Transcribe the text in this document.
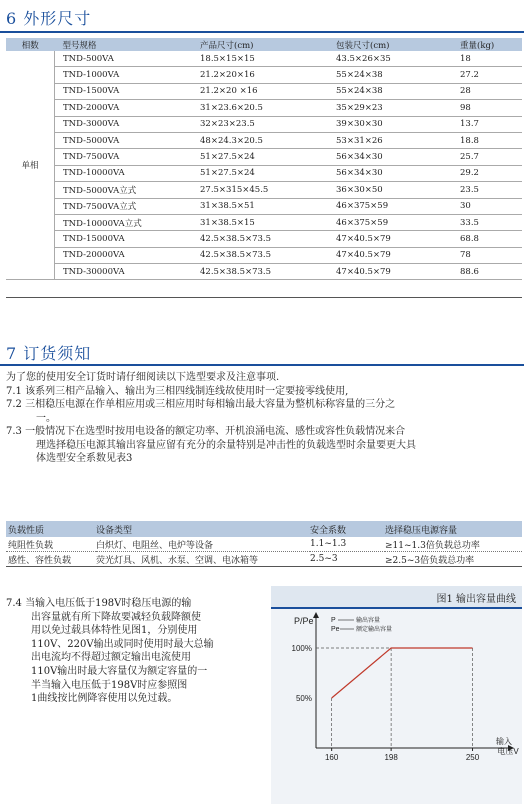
6 外形尺寸
相数	型号规格	产品尺寸(cm)	包装尺寸(cm)	重量(kg)
单相	TND-500VA	18.5×15×15	43.5×26×35	18
	TND-1000VA	21.2×20×16	55×24×38	27.2
	TND-1500VA	21.2×20 ×16	55×24×38	28
	TND-2000VA	31×23.6×20.5	35×29×23	98
	TND-3000VA	32×23×23.5	39×30×30	13.7
	TND-5000VA	48×24.3×20.5	53×31×26	18.8
	TND-7500VA	51×27.5×24	56×34×30	25.7
	TND-10000VA	51×27.5×24	56×34×30	29.2
	TND-5000VA立式	27.5×315×45.5	36×30×50	23.5
	TND-7500VA立式	31×38.5×51	46×375×59	30
	TND-10000VA立式	31×38.5×15	46×375×59	33.5
	TND-15000VA	42.5×38.5×73.5	47×40.5×79	68.8
	TND-20000VA	42.5×38.5×73.5	47×40.5×79	78
	TND-30000VA	42.5×38.5×73.5	47×40.5×79	88.6
7 订货须知
为了您的使用安全订货时请仔细阅读以下选型要求及注意事项.
7.1 该系列三相产品输入、输出为三相四线制连线故使用时一定要接零线使用,
7.2 三相稳压电源在作单相应用或三相应用时每相输出最大容量为整机标称容量的三分之
一。
7.3 一般情况下在选型时按用电设备的额定功率、开机浪涌电流、感性或容性负载情况来合
理选择稳压电源其输出容量应留有充分的余量特别是冲击性的负载选型时余量要更大具
体选型安全系数见表3
负载性质	设备类型	安全系数	选择稳压电源容量
纯阻性负载	白炽灯、电阻丝、电炉等设备	1.1~1.3	≥11~1.3倍负载总功率
感性、容性负载	荧光灯具、风机、水泵、空调、电冰箱等	2.5~3	≥2.5~3倍负载总功率
7.4 当输入电压低于198V时稳压电源的输
出容量就有所下降故要减轻负载降额使
用以免过载具体特性见图1，分别使用
110V、220V输出或同时使用时最大总输
出电流均不得超过额定输出电流使用
110V输出时最大容量仅为额定容量的一
半当输入电压低于198V时应参照图
1曲线按比例降容使用以免过载。
图1 输出容量曲线
P/Pe P	输出容量
Pe	额定输出容量
100%
50%
160	198	250
输入
电压V
